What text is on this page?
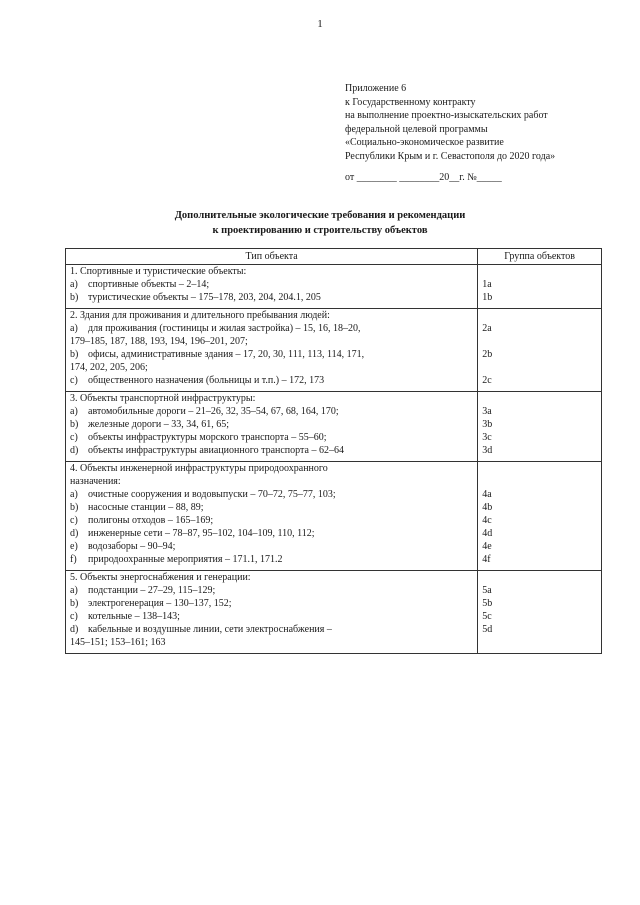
1
Приложение 6
к Государственному контракту
на выполнение проектно-изыскательских работ
федеральной целевой программы
«Социально-экономическое развитие
Республики Крым и г. Севастополя до 2020 года»
от ________ ________20__г. №_____
Дополнительные экологические требования и рекомендации
к проектированию и строительству объектов
Тип объекта	Группа объектов

1. Спортивные и туристические объекты:	

a) спортивные объекты – 2–14;	1a

b) туристические объекты – 175–178, 203, 204, 204.1, 205	1b

2. Здания для проживания и длительного пребывания людей:	

a) для проживания (гостиницы и жилая застройка) – 15, 16, 18–20,
179–185, 187, 188, 193, 194, 196–201, 207;	2a

b) офисы, административные здания – 17, 20, 30, 111, 113, 114, 171,
174, 202, 205, 206;	2b

c) общественного назначения (больницы и т.п.) – 172, 173	2c

3. Объекты транспортной инфраструктуры:	

a) автомобильные дороги – 21–26, 32, 35–54, 67, 68, 164, 170;	3a

b) железные дороги – 33, 34, 61, 65;	3b

c) объекты инфраструктуры морского транспорта – 55–60;	3c

d) объекты инфраструктуры авиационного транспорта – 62–64	3d

4. Объекты инженерной инфраструктуры природоохранного
назначения:	

a) очистные сооружения и водовыпуски – 70–72, 75–77, 103;	4a

b) насосные станции – 88, 89;	4b

c) полигоны отходов – 165–169;	4c

d) инженерные сети – 78–87, 95–102, 104–109, 110, 112;	4d

e) водозаборы – 90–94;	4e

f) природоохранные мероприятия – 171.1, 171.2	4f

5. Объекты энергоснабжения и генерации:	

a) подстанции – 27–29, 115–129;	5a

b) электрогенерация – 130–137, 152;	5b

c) котельные – 138–143;	5c

d) кабельные и воздушные линии, сети электроснабжения –
145–151; 153–161; 163	5d
